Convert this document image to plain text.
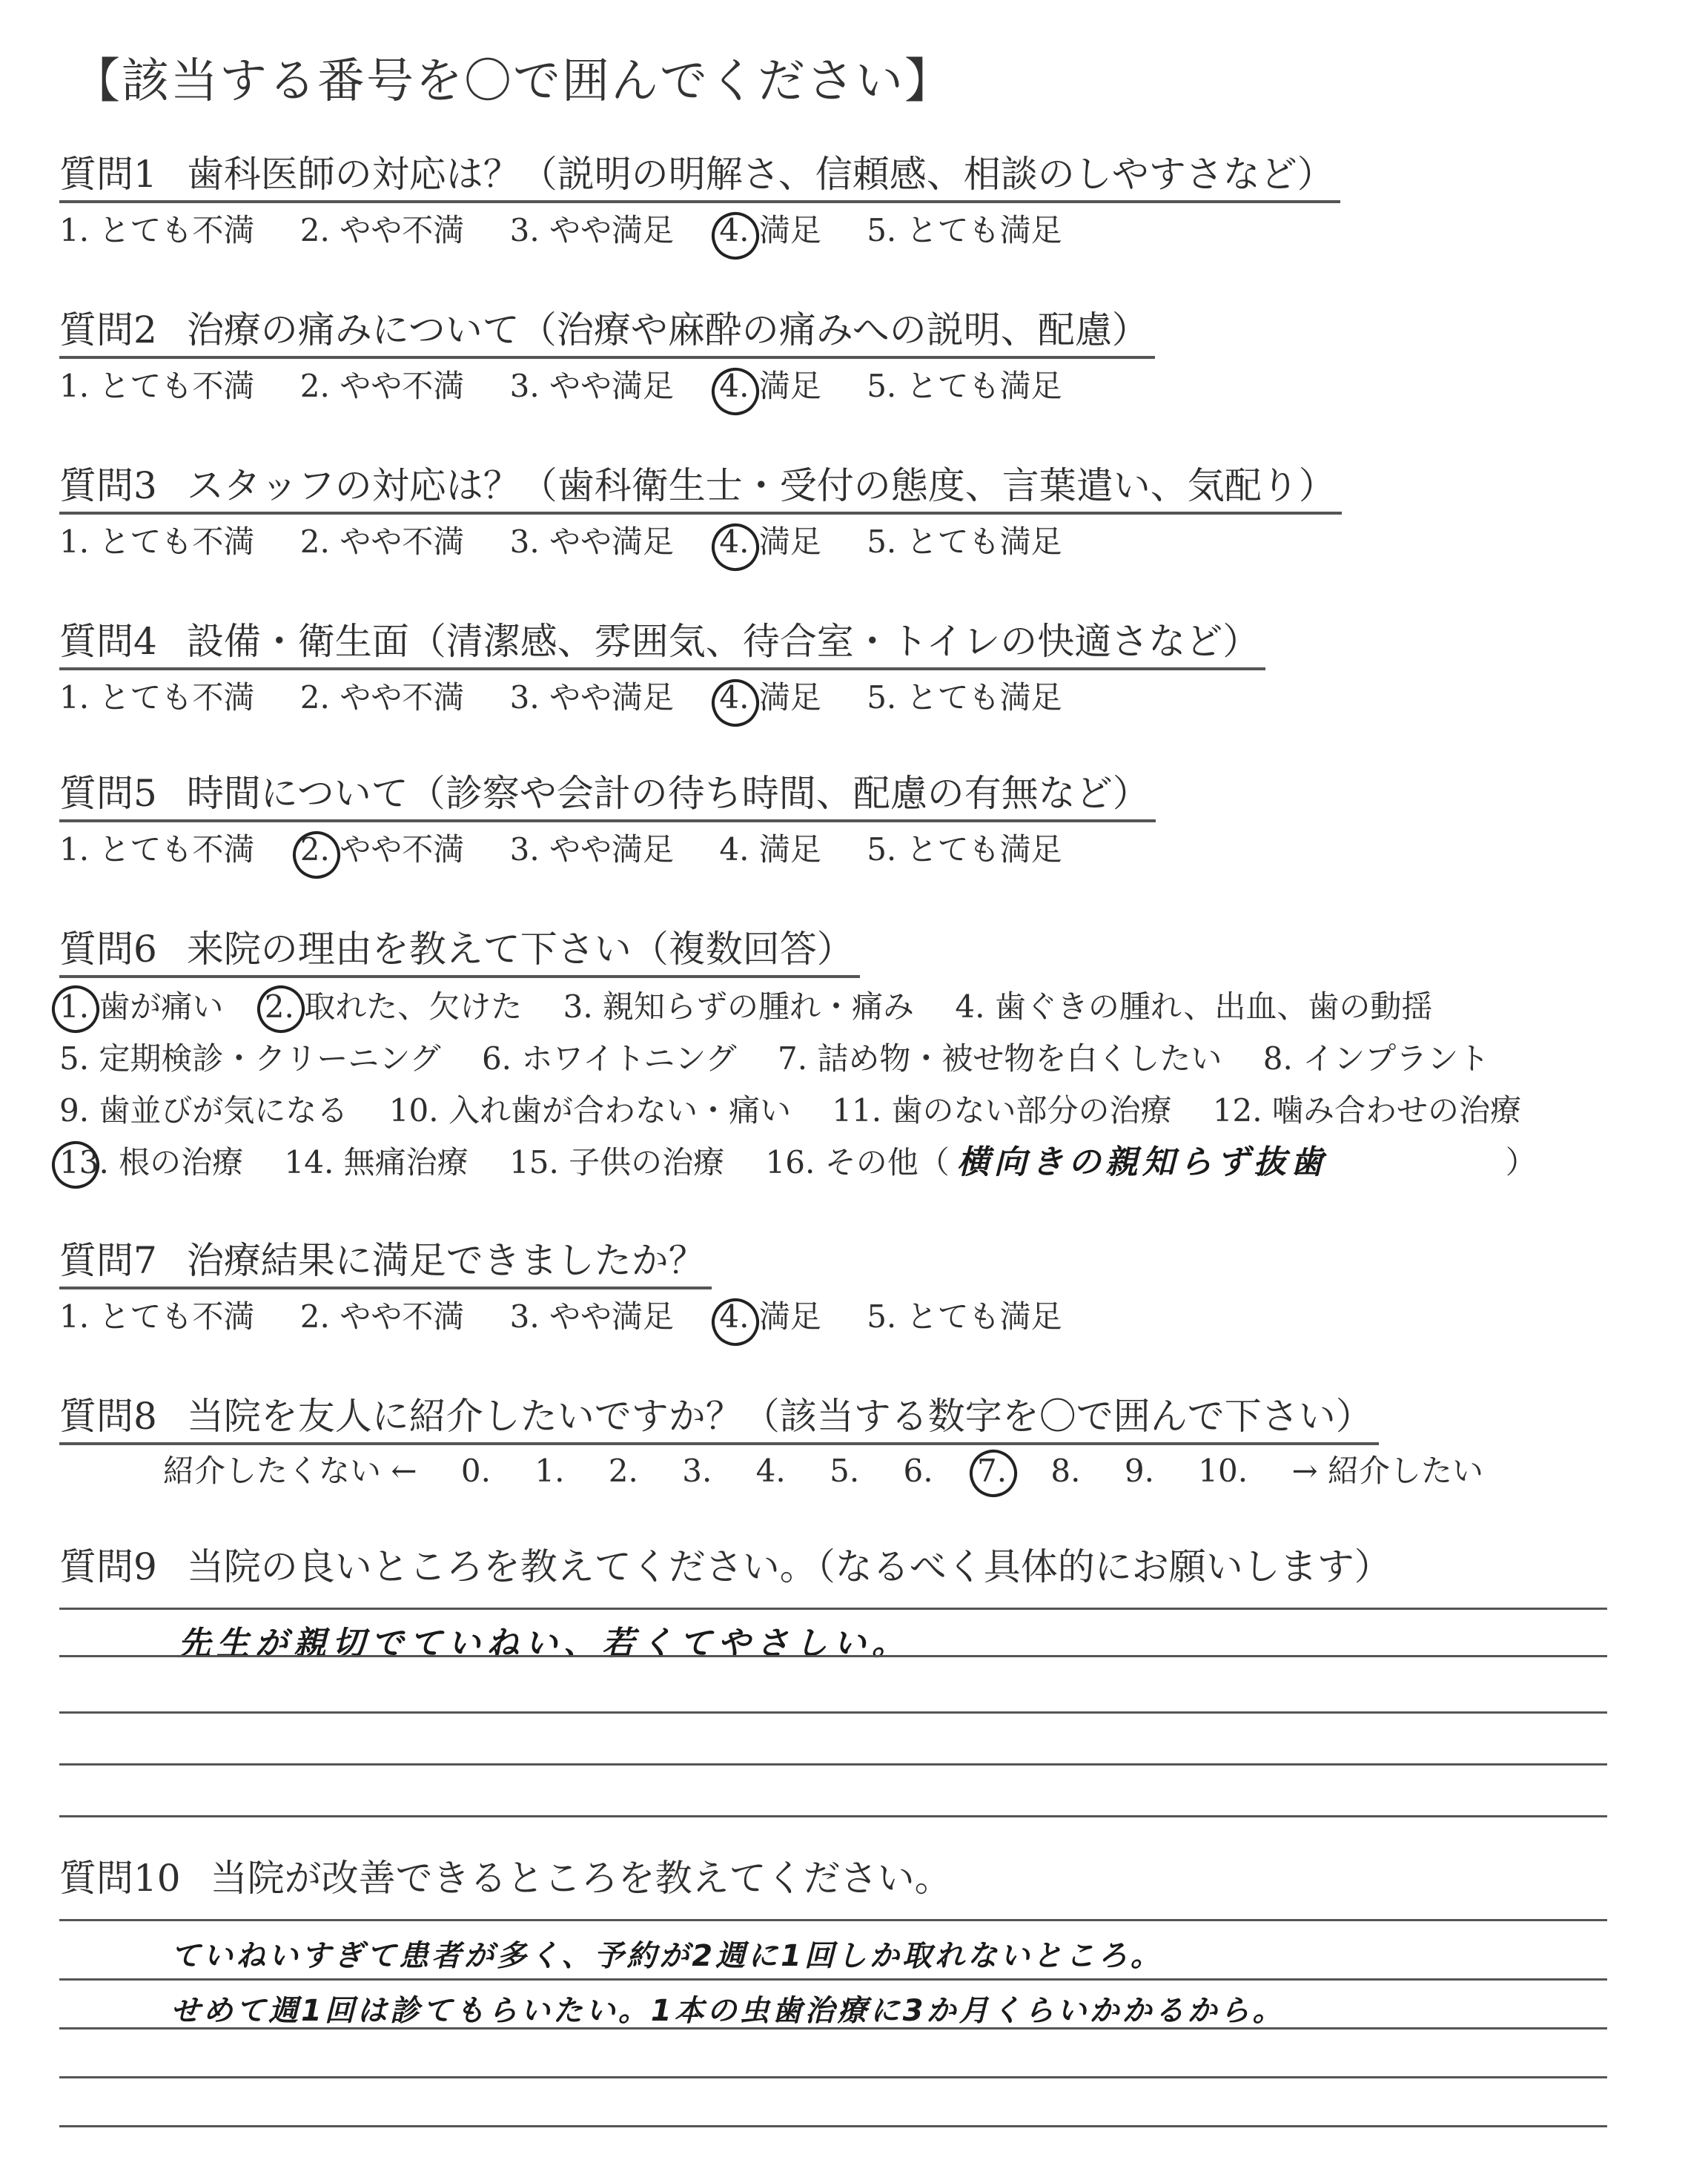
【該当する番号を〇で囲んでください】
質問1 歯科医師の対応は？（説明の明解さ、信頼感、相談のしやすさなど）
1. とても不満 2. やや不満 3. やや満足 4. 満足 5. とても満足
質問2 治療の痛みについて（治療や麻酔の痛みへの説明、配慮）
1. とても不満 2. やや不満 3. やや満足 4. 満足 5. とても満足
質問3 スタッフの対応は？（歯科衛生士・受付の態度、言葉遣い、気配り）
1. とても不満 2. やや不満 3. やや満足 4. 満足 5. とても満足
質問4 設備・衛生面（清潔感、雰囲気、待合室・トイレの快適さなど）
1. とても不満 2. やや不満 3. やや満足 4. 満足 5. とても満足
質問5 時間について（診察や会計の待ち時間、配慮の有無など）
1. とても不満 2. やや不満 3. やや満足 4. 満足 5. とても満足
質問6 来院の理由を教えて下さい（複数回答）
1. 歯が痛い 2. 取れた、欠けた 3. 親知らずの腫れ・痛み 4. 歯ぐきの腫れ、出血、歯の動揺
5. 定期検診・クリーニング 6. ホワイトニング 7. 詰め物・被せ物を白くしたい 8. インプラント
9. 歯並びが気になる 10. 入れ歯が合わない・痛い 11. 歯のない部分の治療 12. 噛み合わせの治療
13. 根の治療 14. 無痛治療 15. 子供の治療 16. その他（ 横向きの親知らず抜歯	）
質問7 治療結果に満足できましたか？
1. とても不満 2. やや不満 3. やや満足 4. 満足 5. とても満足
質問8 当院を友人に紹介したいですか？（該当する数字を〇で囲んで下さい）
紹介したくない ← 0. 1. 2. 3. 4. 5. 6. 7. 8. 9. 10. → 紹介したい
質問9 当院の良いところを教えてください。（なるべく具体的にお願いします）
先生が親切でていねい、若くてやさしい。
質問10 当院が改善できるところを教えてください。
ていねいすぎて患者が多く、予約が2週に1回しか取れないところ。
せめて週1回は診てもらいたい。1本の虫歯治療に3か月くらいかかるから。
